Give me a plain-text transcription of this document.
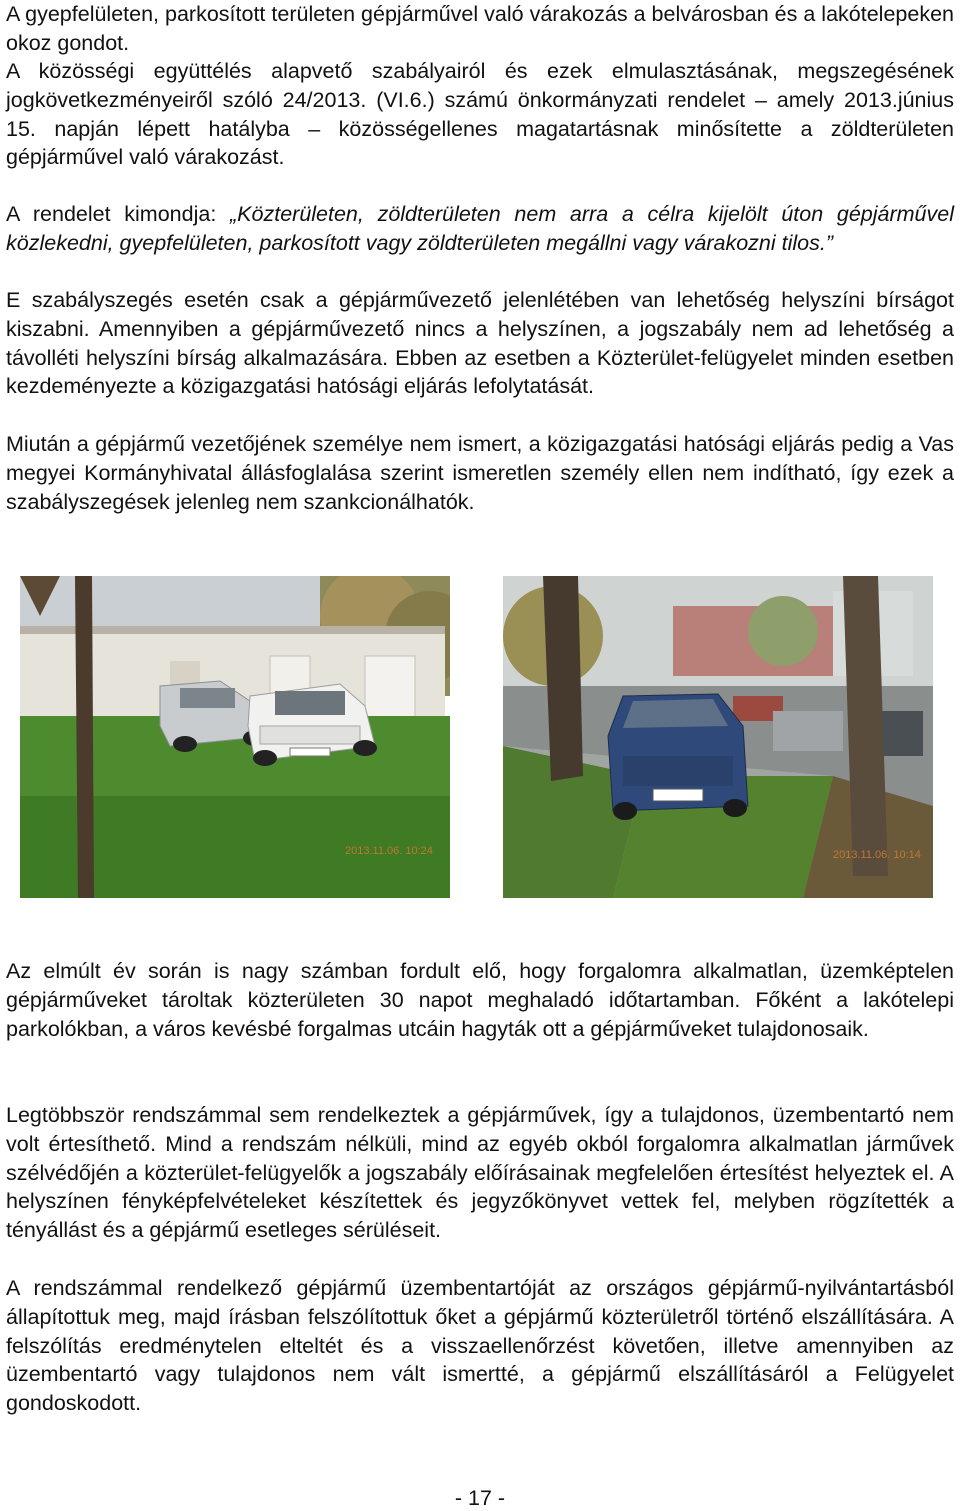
A gyepfelületen, parkosított területen gépjárművel való várakozás a belvárosban és a lakótelepeken okoz gondot.

A közösségi együttélés alapvető szabályairól és ezek elmulasztásának, megszegésének jogkövetkezményeiről szóló 24/2013. (VI.6.) számú önkormányzati rendelet – amely 2013.június 15. napján lépett hatályba – közösségellenes magatartásnak minősítette a zöldterületen gépjárművel való várakozást.

A rendelet kimondja: „Közterületen, zöldterületen nem arra a célra kijelölt úton gépjárművel közlekedni, gyepfelületen, parkosított vagy zöldterületen megállni vagy várakozni tilos.”

E szabályszegés esetén csak a gépjárművezető jelenlétében van lehetőség helyszíni bírságot kiszabni. Amennyiben a gépjárművezető nincs a helyszínen, a jogszabály nem ad lehetőség a távolléti helyszíni bírság alkalmazására. Ebben az esetben a Közterület-felügyelet minden esetben kezdeményezte a közigazgatási hatósági eljárás lefolytatását.

Miután a gépjármű vezetőjének személye nem ismert, a közigazgatási hatósági eljárás pedig a Vas megyei Kormányhivatal állásfoglalása szerint ismeretlen személy ellen nem indítható, így ezek a szabályszegések jelenleg nem szankcionálhatók.

2013.11.06. 10:24	2013.11.06. 10:14

Az elmúlt év során is nagy számban fordult elő, hogy forgalomra alkalmatlan, üzemképtelen gépjárműveket tároltak közterületen 30 napot meghaladó időtartamban. Főként a lakótelepi parkolókban, a város kevésbé forgalmas utcáin hagyták ott a gépjárműveket tulajdonosaik.

Legtöbbször rendszámmal sem rendelkeztek a gépjárművek, így a tulajdonos, üzembentartó nem volt értesíthető. Mind a rendszám nélküli, mind az egyéb okból forgalomra alkalmatlan járművek szélvédőjén a közterület-felügyelők a jogszabály előírásainak megfelelően értesítést helyeztek el. A helyszínen fényképfelvételeket készítettek és jegyzőkönyvet vettek fel, melyben rögzítették a tényállást és a gépjármű esetleges sérüléseit.

A rendszámmal rendelkező gépjármű üzembentartóját az országos gépjármű-nyilvántartásból állapítottuk meg, majd írásban felszólítottuk őket a gépjármű közterületről történő elszállítására. A felszólítás eredménytelen elteltét és a visszaellenőrzést követően, illetve amennyiben az üzembentartó vagy tulajdonos nem vált ismertté, a gépjármű elszállításáról a Felügyelet gondoskodott.

- 17 -
